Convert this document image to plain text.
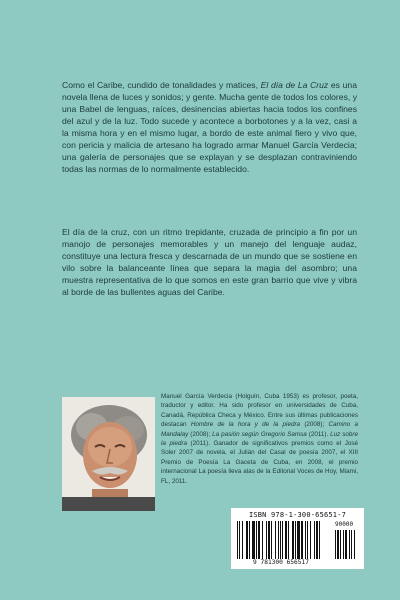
Como el Caribe, cundido de tonalidades y matices, El día de La Cruz es una novela llena de luces y sonidos; y gente. Mucha gente de todos los colores, y una Babel de lenguas, raíces, desinencias abiertas hacia todos los confines del azul y de la luz. Todo sucede y acontece a borbotones y a la vez, casi a la misma hora y en el mismo lugar, a bordo de este animal fiero y vivo que, con pericia y malicia de artesano ha logrado armar Manuel García Verdecia; una galería de personajes que se explayan y se desplazan contraviniendo todas las normas de lo normalmente establecido.

El día de la cruz, con un ritmo trepidante, cruzada de principio a fin por un manojo de personajes memorables y un manejo del lenguaje audaz, constituye una lectura fresca y descarnada de un mundo que se sostiene en vilo sobre la balanceante línea que separa la magia del asombro; una muestra representativa de lo que somos en este gran barrio que vive y vibra al borde de las bullentes aguas del Caribe.

Manuel García Verdecia (Holguín, Cuba 1953) es profesor, poeta, traductor y editor. Ha sido profesor en universidades de Cuba, Canadá, República Checa y México. Entre sus últimas publicaciones destacan Hombre de la hora y de la piedra (2008); Camino a Mandalay (2008); La pasión según Gregorio Samsa (2011). Luz sobre la piedra (2011). Ganador de significativos premios como el José Soler 2007 de novela, el Julián del Casal de poesía 2007, el XIII Premio de Poesía La Gaceta de Cuba, en 2008, el premio internacional La poesía lleva alas de la Editorial Voces de Hoy, Miami, FL, 2011.

ISBN 978-1-300-65651-7
9 781300 656517
90000
